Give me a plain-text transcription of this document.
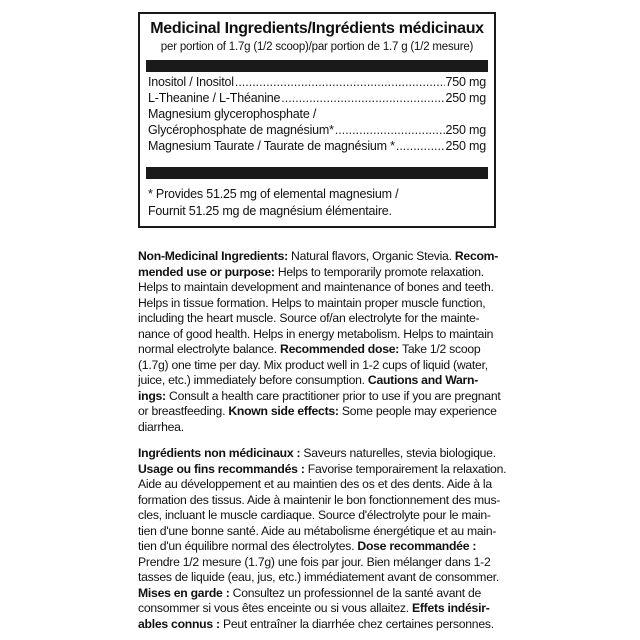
Medicinal Ingredients/Ingrédients médicinaux
per portion of 1.7g (1/2 scoop)/par portion de 1.7 g (1/2 mesure)
Inositol / Inositol .....	750 mg
L-Theanine / L-Théanine .....	250 mg
Magnesium glycerophosphate /
Glycérophosphate de magnésium* .....	250 mg
Magnesium Taurate / Taurate de magnésium * .....	250 mg
* Provides 51.25 mg of elemental magnesium /
Fournit 51.25 mg de magnésium élémentaire.
Non-Medicinal Ingredients: Natural flavors, Organic Stevia. Recom-
mended use or purpose: Helps to temporarily promote relaxation.
Helps to maintain development and maintenance of bones and teeth.
Helps in tissue formation. Helps to maintain proper muscle function,
including the heart muscle. Source of/an electrolyte for the mainte-
nance of good health. Helps in energy metabolism. Helps to maintain
normal electrolyte balance. Recommended dose: Take 1/2 scoop
(1.7g) one time per day. Mix product well in 1-2 cups of liquid (water,
juice, etc.) immediately before consumption. Cautions and Warn-
ings: Consult a health care practitioner prior to use if you are pregnant
or breastfeeding. Known side effects: Some people may experience
diarrhea.
Ingrédients non médicinaux : Saveurs naturelles, stevia biologique.
Usage ou fins recommandés : Favorise temporairement la relaxation.
Aide au développement et au maintien des os et des dents. Aide à la
formation des tissus. Aide à maintenir le bon fonctionnement des mus-
cles, incluant le muscle cardiaque. Source d'électrolyte pour le main-
tien d'une bonne santé. Aide au métabolisme énergétique et au main-
tien d'un équilibre normal des électrolytes. Dose recommandée :
Prendre 1/2 mesure (1.7g) une fois par jour. Bien mélanger dans 1-2
tasses de liquide (eau, jus, etc.) immédiatement avant de consommer.
Mises en garde : Consultez un professionnel de la santé avant de
consommer si vous êtes enceinte ou si vous allaitez. Effets indésir-
ables connus : Peut entraîner la diarrhée chez certaines personnes.
